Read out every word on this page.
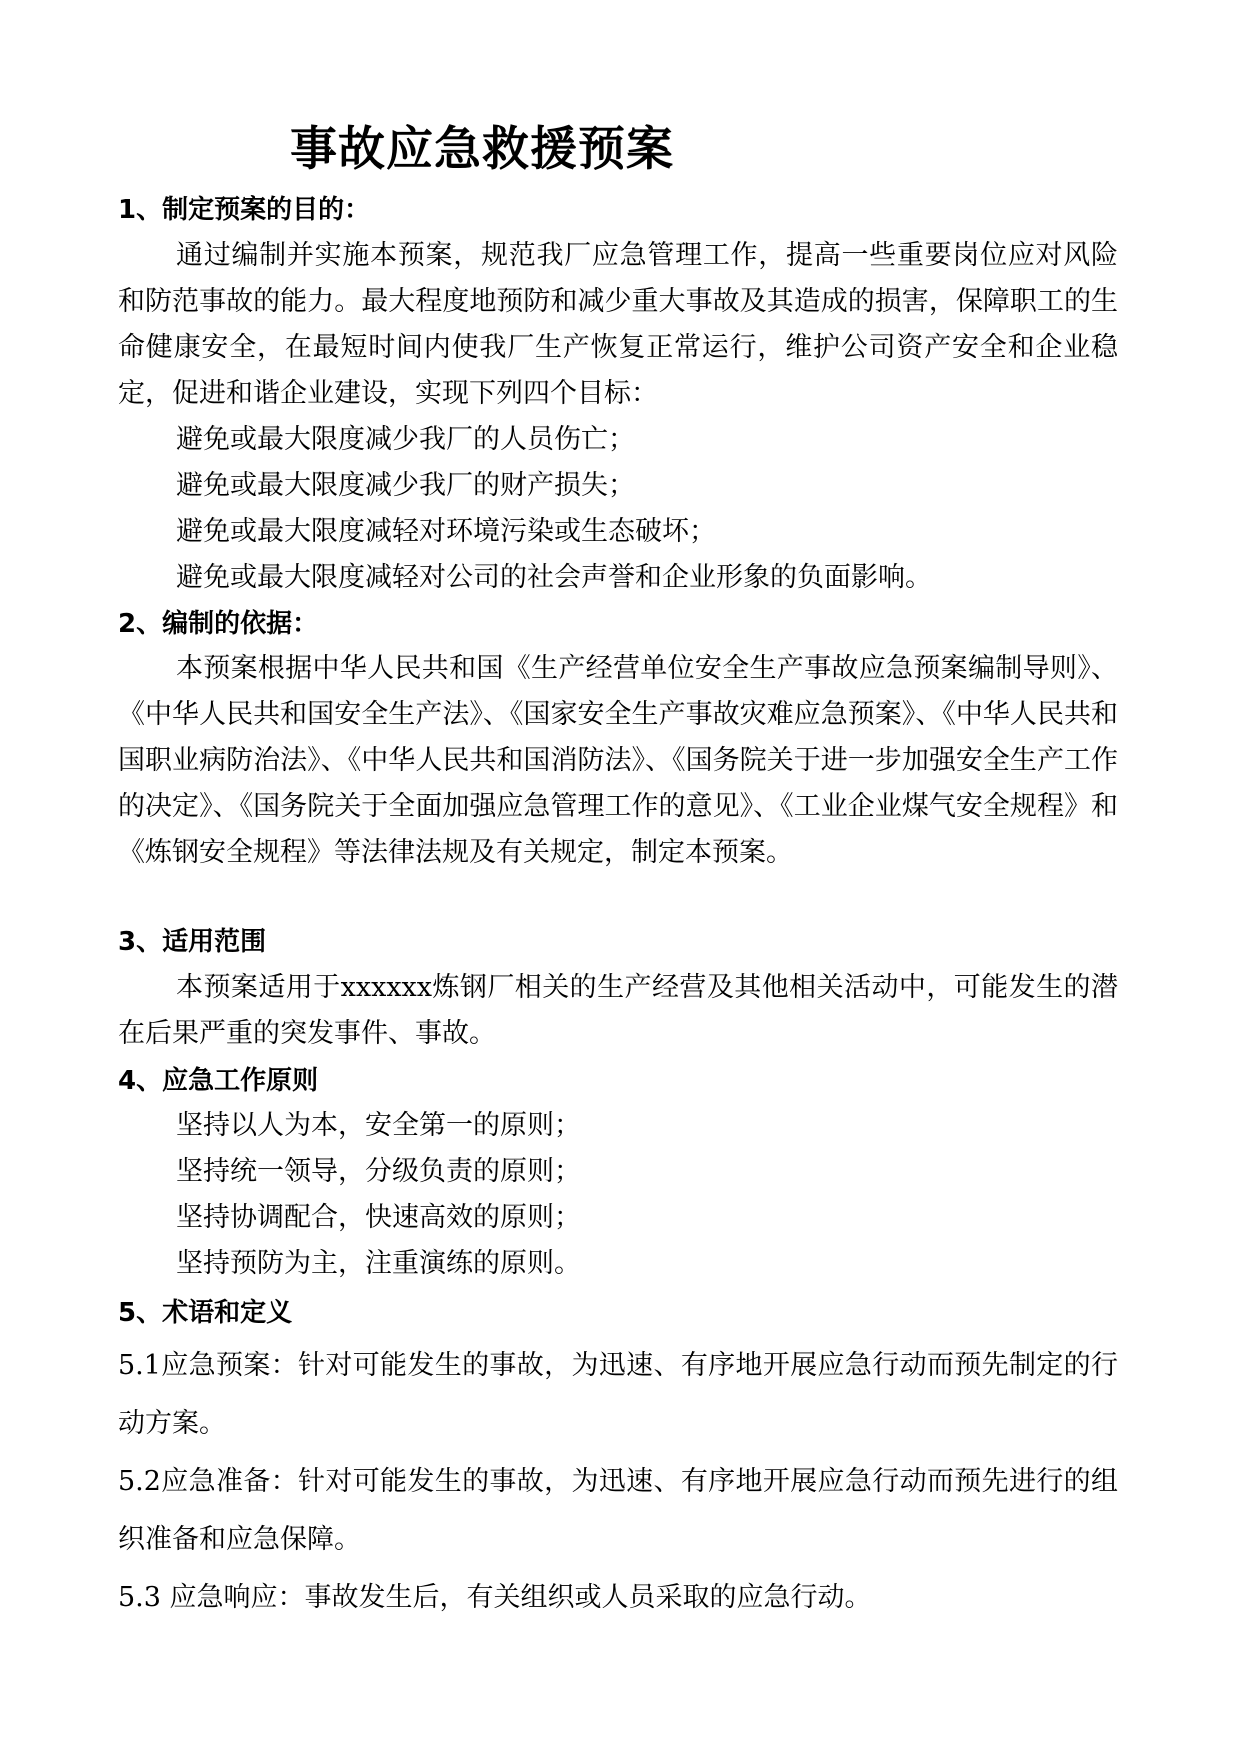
事故应急救援预案
1、制定预案的目的：

通过编制并实施本预案，规范我厂应急管理工作，提高一些重要岗位应对风险和防范事故的能力。最大程度地预防和减少重大事故及其造成的损害，保障职工的生命健康安全，在最短时间内使我厂生产恢复正常运行，维护公司资产安全和企业稳定，促进和谐企业建设，实现下列四个目标：

避免或最大限度减少我厂的人员伤亡；

避免或最大限度减少我厂的财产损失；

避免或最大限度减轻对环境污染或生态破坏；

避免或最大限度减轻对公司的社会声誉和企业形象的负面影响。

2、编制的依据：

本预案根据中华人民共和国《生产经营单位安全生产事故应急预案编制导则》、《中华人民共和国安全生产法》、《国家安全生产事故灾难应急预案》、《中华人民共和国职业病防治法》、《中华人民共和国消防法》、《国务院关于进一步加强安全生产工作的决定》、《国务院关于全面加强应急管理工作的意见》、《工业企业煤气安全规程》和《炼钢安全规程》等法律法规及有关规定，制定本预案。

3、适用范围

本预案适用于xxxxxx炼钢厂相关的生产经营及其他相关活动中，可能发生的潜在后果严重的突发事件、事故。

4、应急工作原则

坚持以人为本，安全第一的原则；

坚持统一领导，分级负责的原则；

坚持协调配合，快速高效的原则；

坚持预防为主，注重演练的原则。

5、术语和定义

5.1应急预案：针对可能发生的事故，为迅速、有序地开展应急行动而预先制定的行动方案。

5.2应急准备：针对可能发生的事故，为迅速、有序地开展应急行动而预先进行的组织准备和应急保障。

5.3 应急响应：事故发生后，有关组织或人员采取的应急行动。
